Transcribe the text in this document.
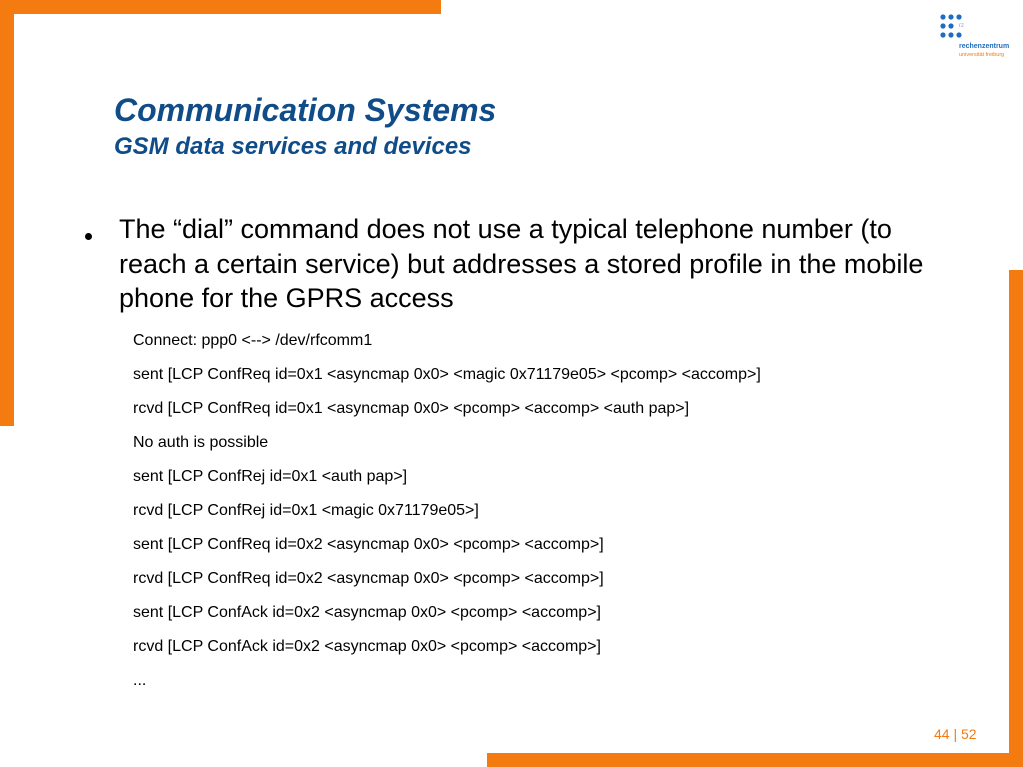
rz
rechenzentrum
universität freiburg
Communication Systems
GSM data services and devices

The “dial” command does not use a typical telephone number (to reach a certain service) but addresses a stored profile in the mobile phone for the GPRS access

Connect: ppp0 <--> /dev/rfcomm1
sent [LCP ConfReq id=0x1 <asyncmap 0x0> <magic 0x71179e05> <pcomp> <accomp>]
rcvd [LCP ConfReq id=0x1 <asyncmap 0x0> <pcomp> <accomp> <auth pap>]
No auth is possible
sent [LCP ConfRej id=0x1 <auth pap>]
rcvd [LCP ConfRej id=0x1 <magic 0x71179e05>]
sent [LCP ConfReq id=0x2 <asyncmap 0x0> <pcomp> <accomp>]
rcvd [LCP ConfReq id=0x2 <asyncmap 0x0> <pcomp> <accomp>]
sent [LCP ConfAck id=0x2 <asyncmap 0x0> <pcomp> <accomp>]
rcvd [LCP ConfAck id=0x2 <asyncmap 0x0> <pcomp> <accomp>]
...
44 | 52
